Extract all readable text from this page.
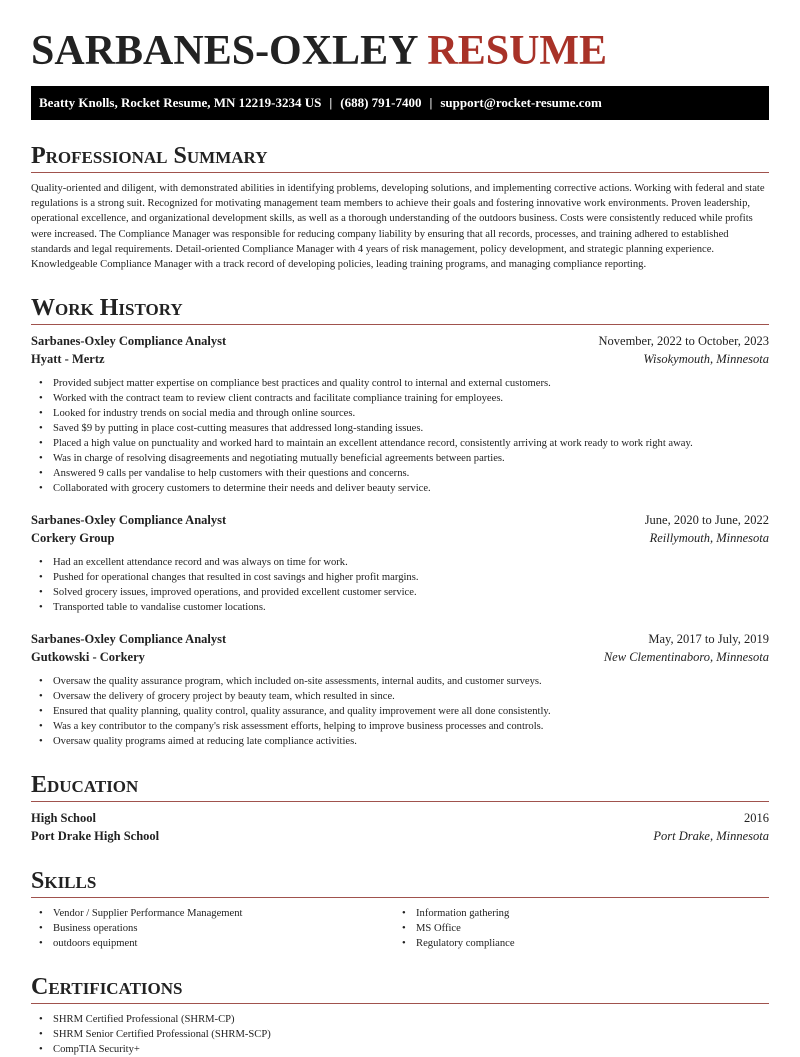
SARBANES-OXLEY RESUME
Beatty Knolls, Rocket Resume, MN 12219-3234 US | (688) 791-7400 | support@rocket-resume.com
Professional Summary

Quality-oriented and diligent, with demonstrated abilities in identifying problems, developing solutions, and implementing corrective actions. Working with federal and state regulations is a strong suit. Recognized for motivating management team members to achieve their goals and fostering innovative work environments. Proven leadership, operational excellence, and organizational development skills, as well as a thorough understanding of the outdoors business. Costs were consistently reduced while profits were increased. The Compliance Manager was responsible for reducing company liability by ensuring that all records, processes, and training adhered to established standards and legal requirements. Detail-oriented Compliance Manager with 4 years of risk management, policy development, and strategic planning experience. Knowledgeable Compliance Manager with a track record of developing policies, leading training programs, and managing compliance reporting.

Work History
Sarbanes-Oxley Compliance Analyst	November, 2022 to October, 2023
Hyatt - Mertz	Wisokymouth, Minnesota
• Provided subject matter expertise on compliance best practices and quality control to internal and external customers.
• Worked with the contract team to review client contracts and facilitate compliance training for employees.
• Looked for industry trends on social media and through online sources.
• Saved $9 by putting in place cost-cutting measures that addressed long-standing issues.
• Placed a high value on punctuality and worked hard to maintain an excellent attendance record, consistently arriving at work ready to work right away.
• Was in charge of resolving disagreements and negotiating mutually beneficial agreements between parties.
• Answered 9 calls per vandalise to help customers with their questions and concerns.
• Collaborated with grocery customers to determine their needs and deliver beauty service.
Sarbanes-Oxley Compliance Analyst	June, 2020 to June, 2022
Corkery Group	Reillymouth, Minnesota
• Had an excellent attendance record and was always on time for work.
• Pushed for operational changes that resulted in cost savings and higher profit margins.
• Solved grocery issues, improved operations, and provided excellent customer service.
• Transported table to vandalise customer locations.
Sarbanes-Oxley Compliance Analyst	May, 2017 to July, 2019
Gutkowski - Corkery	New Clementinaboro, Minnesota
• Oversaw the quality assurance program, which included on-site assessments, internal audits, and customer surveys.
• Oversaw the delivery of grocery project by beauty team, which resulted in since.
• Ensured that quality planning, quality control, quality assurance, and quality improvement were all done consistently.
• Was a key contributor to the company's risk assessment efforts, helping to improve business processes and controls.
• Oversaw quality programs aimed at reducing late compliance activities.
Education
High School	2016
Port Drake High School	Port Drake, Minnesota
Skills
• Vendor / Supplier Performance Management
• Business operations
• outdoors equipment
• Information gathering
• MS Office
• Regulatory compliance
Certifications
• SHRM Certified Professional (SHRM-CP)
• SHRM Senior Certified Professional (SHRM-SCP)
• CompTIA Security+
